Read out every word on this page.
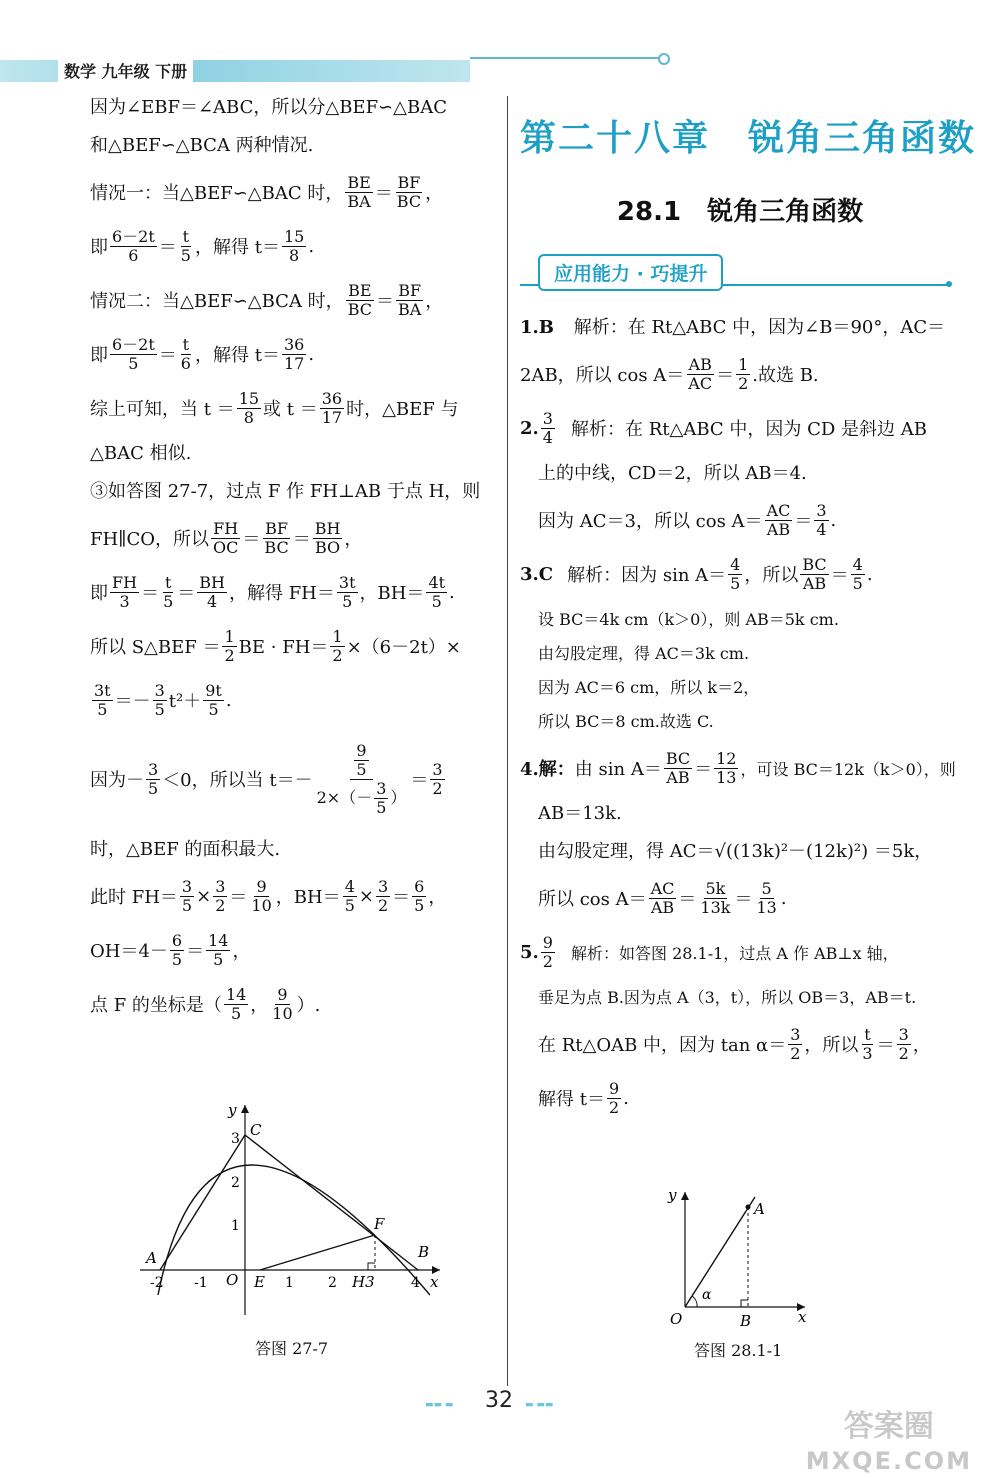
数学 九年级 下册
因为∠EBF＝∠ABC，所以分△BEF∽△BAC
和△BEF∽△BCA 两种情况.
情况一：当△BEF∽△BAC 时， $\frac{BE}{BA} = \frac{BF}{BC}$ ，
即 $\frac{6-2t}{6} = \frac{t}{5}$ ，解得 $t= \frac{15}{8}$ .
情况二：当△BEF∽△BCA 时， $\frac{BE}{BC} = \frac{BF}{BA}$ ，
即 $\frac{6-2t}{5} = \frac{t}{6}$ ，解得 $t= \frac{36}{17}$ .
综上可知，当 $t = \frac{15}{8}$ 或 $t = \frac{36}{17}$ 时，△BEF 与
△BAC 相似.
③如答图 27-7，过点 F 作 FH⊥AB 于点 H，则
FH∥CO，所以 $\frac{FH}{OC} = \frac{BF}{BC} = \frac{BH}{BO}$ ，
即 $\frac{FH}{3} = \frac{t}{5} = \frac{BH}{4}$ ，解得 $FH= \frac{3t}{5}$ ，$BH= \frac{4t}{5}$ .
所以 S△BEF ＝ $\frac{1}{2}$ BE · $FH= \frac{1}{2} \times(6-2t)\times$
$\frac{3t}{5} =- \frac{3}{5} t^2+ \frac{9t}{5}$ .
因为－ $\frac{3}{5} <0$，所以当 $t=- \frac{\frac{9}{5}}{2\times(- \frac{3}{5} )} = \frac{3}{2}$
时，△BEF 的面积最大.
此时 $FH= \frac{3}{5} \times \frac{3}{2} = \frac{9}{10}$ ，$BH= \frac{4}{5} \times \frac{3}{2} = \frac{6}{5}$ ，
$OH=4- \frac{6}{5} = \frac{14}{5}$ ，
点 F 的坐标是（ $\frac{14}{5}$ ， $\frac{9}{10}$ ）.
y
x
C
A	B
F
E	H3
O
-2 -1	1 2	4
1
2
3
答图 27-7
第二十八章　锐角三角函数
28.1　锐角三角函数
应用能力 · 巧提升
1.B 解析：在 Rt△ABC 中，因为∠B＝90°，AC＝
2AB，所以 $\cos A= \frac{AB}{AC} = \frac{1}{2}$ .故选 B.
2. $\frac{3}{4}$ 解析：在 Rt△ABC 中，因为 CD 是斜边 AB
上的中线，CD＝2，所以 AB＝4.
因为 AC＝3，所以 $\cos A= \frac{AC}{AB} = \frac{3}{4}$ .
3.C 解析：因为 $\sin A= \frac{4}{5}$ ，所以 $\frac{BC}{AB} = \frac{4}{5}$ .
设 BC＝4k cm（k＞0），则 AB＝5k cm.
由勾股定理，得 AC＝3k cm.
因为 AC＝6 cm，所以 k＝2，
所以 BC＝8 cm.故选 C.
4.解： 由 $\sin A= \frac{BC}{AB} = \frac{12}{13}$ ，可设 BC＝12k（k＞0），则
AB＝13k.
由勾股定理，得 AC＝√((13k)²－(12k)²) ＝5k，
所以 $\cos A= \frac{AC}{AB} = \frac{5k}{13k} = \frac{5}{13}$ .
5. $\frac{9}{2}$ 解析：如答图 28.1-1，过点 A 作 AB⊥x 轴，
垂足为点 B.因为点 A（3，t），所以 OB＝3，AB＝t.
在 Rt△OAB 中，因为 $\tan \alpha= \frac{3}{2}$ ，所以 $\frac{t}{3} = \frac{3}{2}$ ，
解得 $t= \frac{9}{2}$ .
y
x
A
B
O
α
答图 28.1-1
▬▬ ▬ 32 ▬ ▬▬
答案圈
MXQE.COM
